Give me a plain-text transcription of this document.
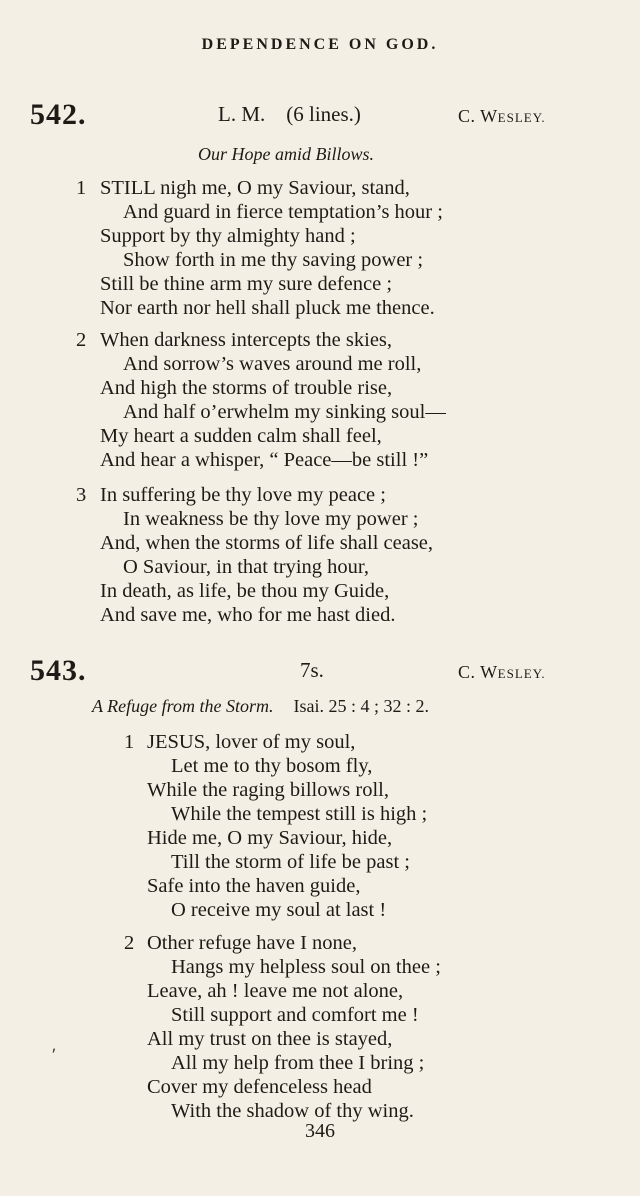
DEPENDENCE ON GOD.
542.	L. M.    (6 lines.)	C. WESLEY.
Our Hope amid Billows.
1 STILL nigh me, O my Saviour, stand,
And guard in fierce temptation’s hour ;
Support by thy almighty hand ;
Show forth in me thy saving power ;
Still be thine arm my sure defence ;
Nor earth nor hell shall pluck me thence.
2 When darkness intercepts the skies,
And sorrow’s waves around me roll,
And high the storms of trouble rise,
And half o’erwhelm my sinking soul—
My heart a sudden calm shall feel,
And hear a whisper, “ Peace—be still !”
3 In suffering be thy love my peace ;
In weakness be thy love my power ;
And, when the storms of life shall cease,
O Saviour, in that trying hour,
In death, as life, be thou my Guide,
And save me, who for me hast died.
543.	7s.	C. WESLEY.
A Refuge from the Storm. Isai. 25 : 4 ; 32 : 2.
1 JESUS, lover of my soul,
Let me to thy bosom fly,
While the raging billows roll,
While the tempest still is high ;
Hide me, O my Saviour, hide,
Till the storm of life be past ;
Safe into the haven guide,
O receive my soul at last !
2 Other refuge have I none,
Hangs my helpless soul on thee ;
Leave, ah ! leave me not alone,
Still support and comfort me !
All my trust on thee is stayed,
All my help from thee I bring ;
Cover my defenceless head
With the shadow of thy wing.
⸴
346
